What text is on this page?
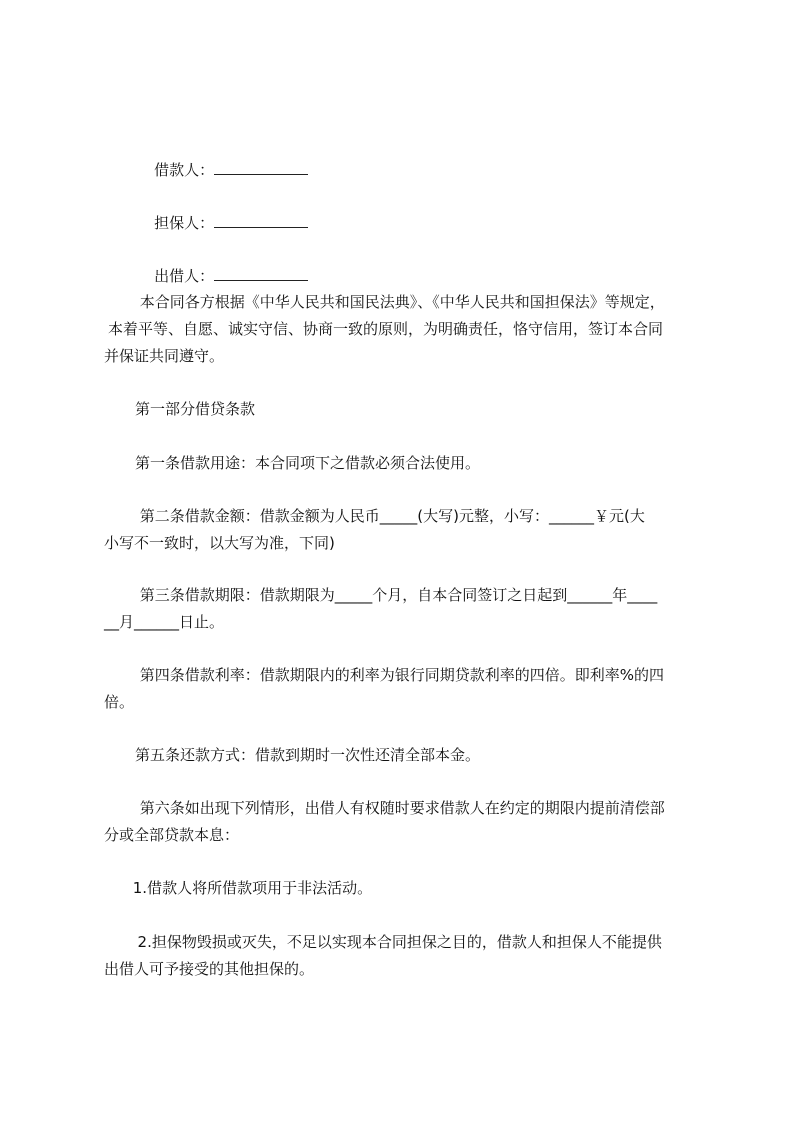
借款人：

担保人：

出借人：

本合同各方根据《中华人民共和国民法典》、《中华人民共和国担保法》等规定，
本着平等、自愿、诚实守信、协商一致的原则，为明确责任，恪守信用，签订本合同
并保证共同遵守。
第一部分借贷条款
第一条借款用途：本合同项下之借款必须合法使用。
第二条借款金额：借款金额为人民币_____(大写)元整，小写：______￥元(大
小写不一致时，以大写为准，下同)
第三条借款期限：借款期限为_____个月，自本合同签订之日起到______年____
__月______日止。
第四条借款利率：借款期限内的利率为银行同期贷款利率的四倍。即利率%的四
倍。
第五条还款方式：借款到期时一次性还清全部本金。
第六条如出现下列情形，出借人有权随时要求借款人在约定的期限内提前清偿部
分或全部贷款本息：
1.借款人将所借款项用于非法活动。
2.担保物毁损或灭失，不足以实现本合同担保之目的，借款人和担保人不能提供
出借人可予接受的其他担保的。
